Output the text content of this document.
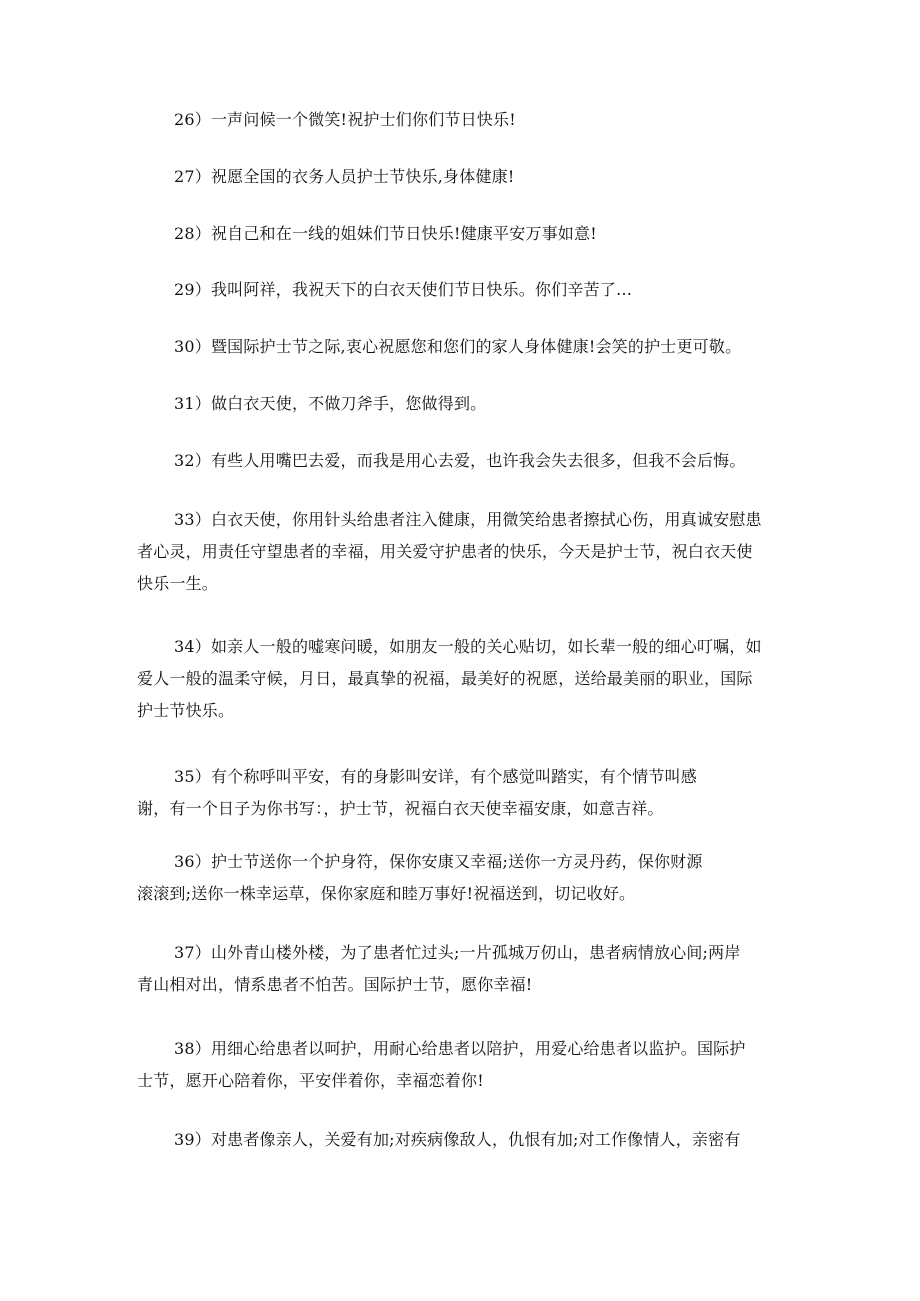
26）一声问候一个微笑!祝护士们你们节日快乐!
27）祝愿全国的衣务人员护士节快乐,身体健康!
28）祝自己和在一线的姐妹们节日快乐!健康平安万事如意!
29）我叫阿祥，我祝天下的白衣天使们节日快乐。你们辛苦了…
30）暨国际护士节之际,衷心祝愿您和您们的家人身体健康!会笑的护士更可敬。
31）做白衣天使，不做刀斧手，您做得到。
32）有些人用嘴巴去爱，而我是用心去爱，也许我会失去很多，但我不会后悔。
33）白衣天使，你用针头给患者注入健康，用微笑给患者擦拭心伤，用真诚安慰患
者心灵，用责任守望患者的幸福，用关爱守护患者的快乐，今天是护士节，祝白衣天使
快乐一生。
34）如亲人一般的嘘寒问暖，如朋友一般的关心贴切，如长辈一般的细心叮嘱，如
爱人一般的温柔守候，月日，最真挚的祝福，最美好的祝愿，送给最美丽的职业，国际
护士节快乐。
35）有个称呼叫平安，有的身影叫安详，有个感觉叫踏实，有个情节叫感
谢，有一个日子为你书写：，护士节，祝福白衣天使幸福安康，如意吉祥。
36）护士节送你一个护身符，保你安康又幸福;送你一方灵丹药，保你财源
滚滚到;送你一株幸运草，保你家庭和睦万事好!祝福送到，切记收好。
37）山外青山楼外楼，为了患者忙过头;一片孤城万仞山，患者病情放心间;两岸
青山相对出，情系患者不怕苦。国际护士节，愿你幸福!
38）用细心给患者以呵护，用耐心给患者以陪护，用爱心给患者以监护。国际护
士节，愿开心陪着你，平安伴着你，幸福恋着你!
39）对患者像亲人，关爱有加;对疾病像敌人，仇恨有加;对工作像情人，亲密有
